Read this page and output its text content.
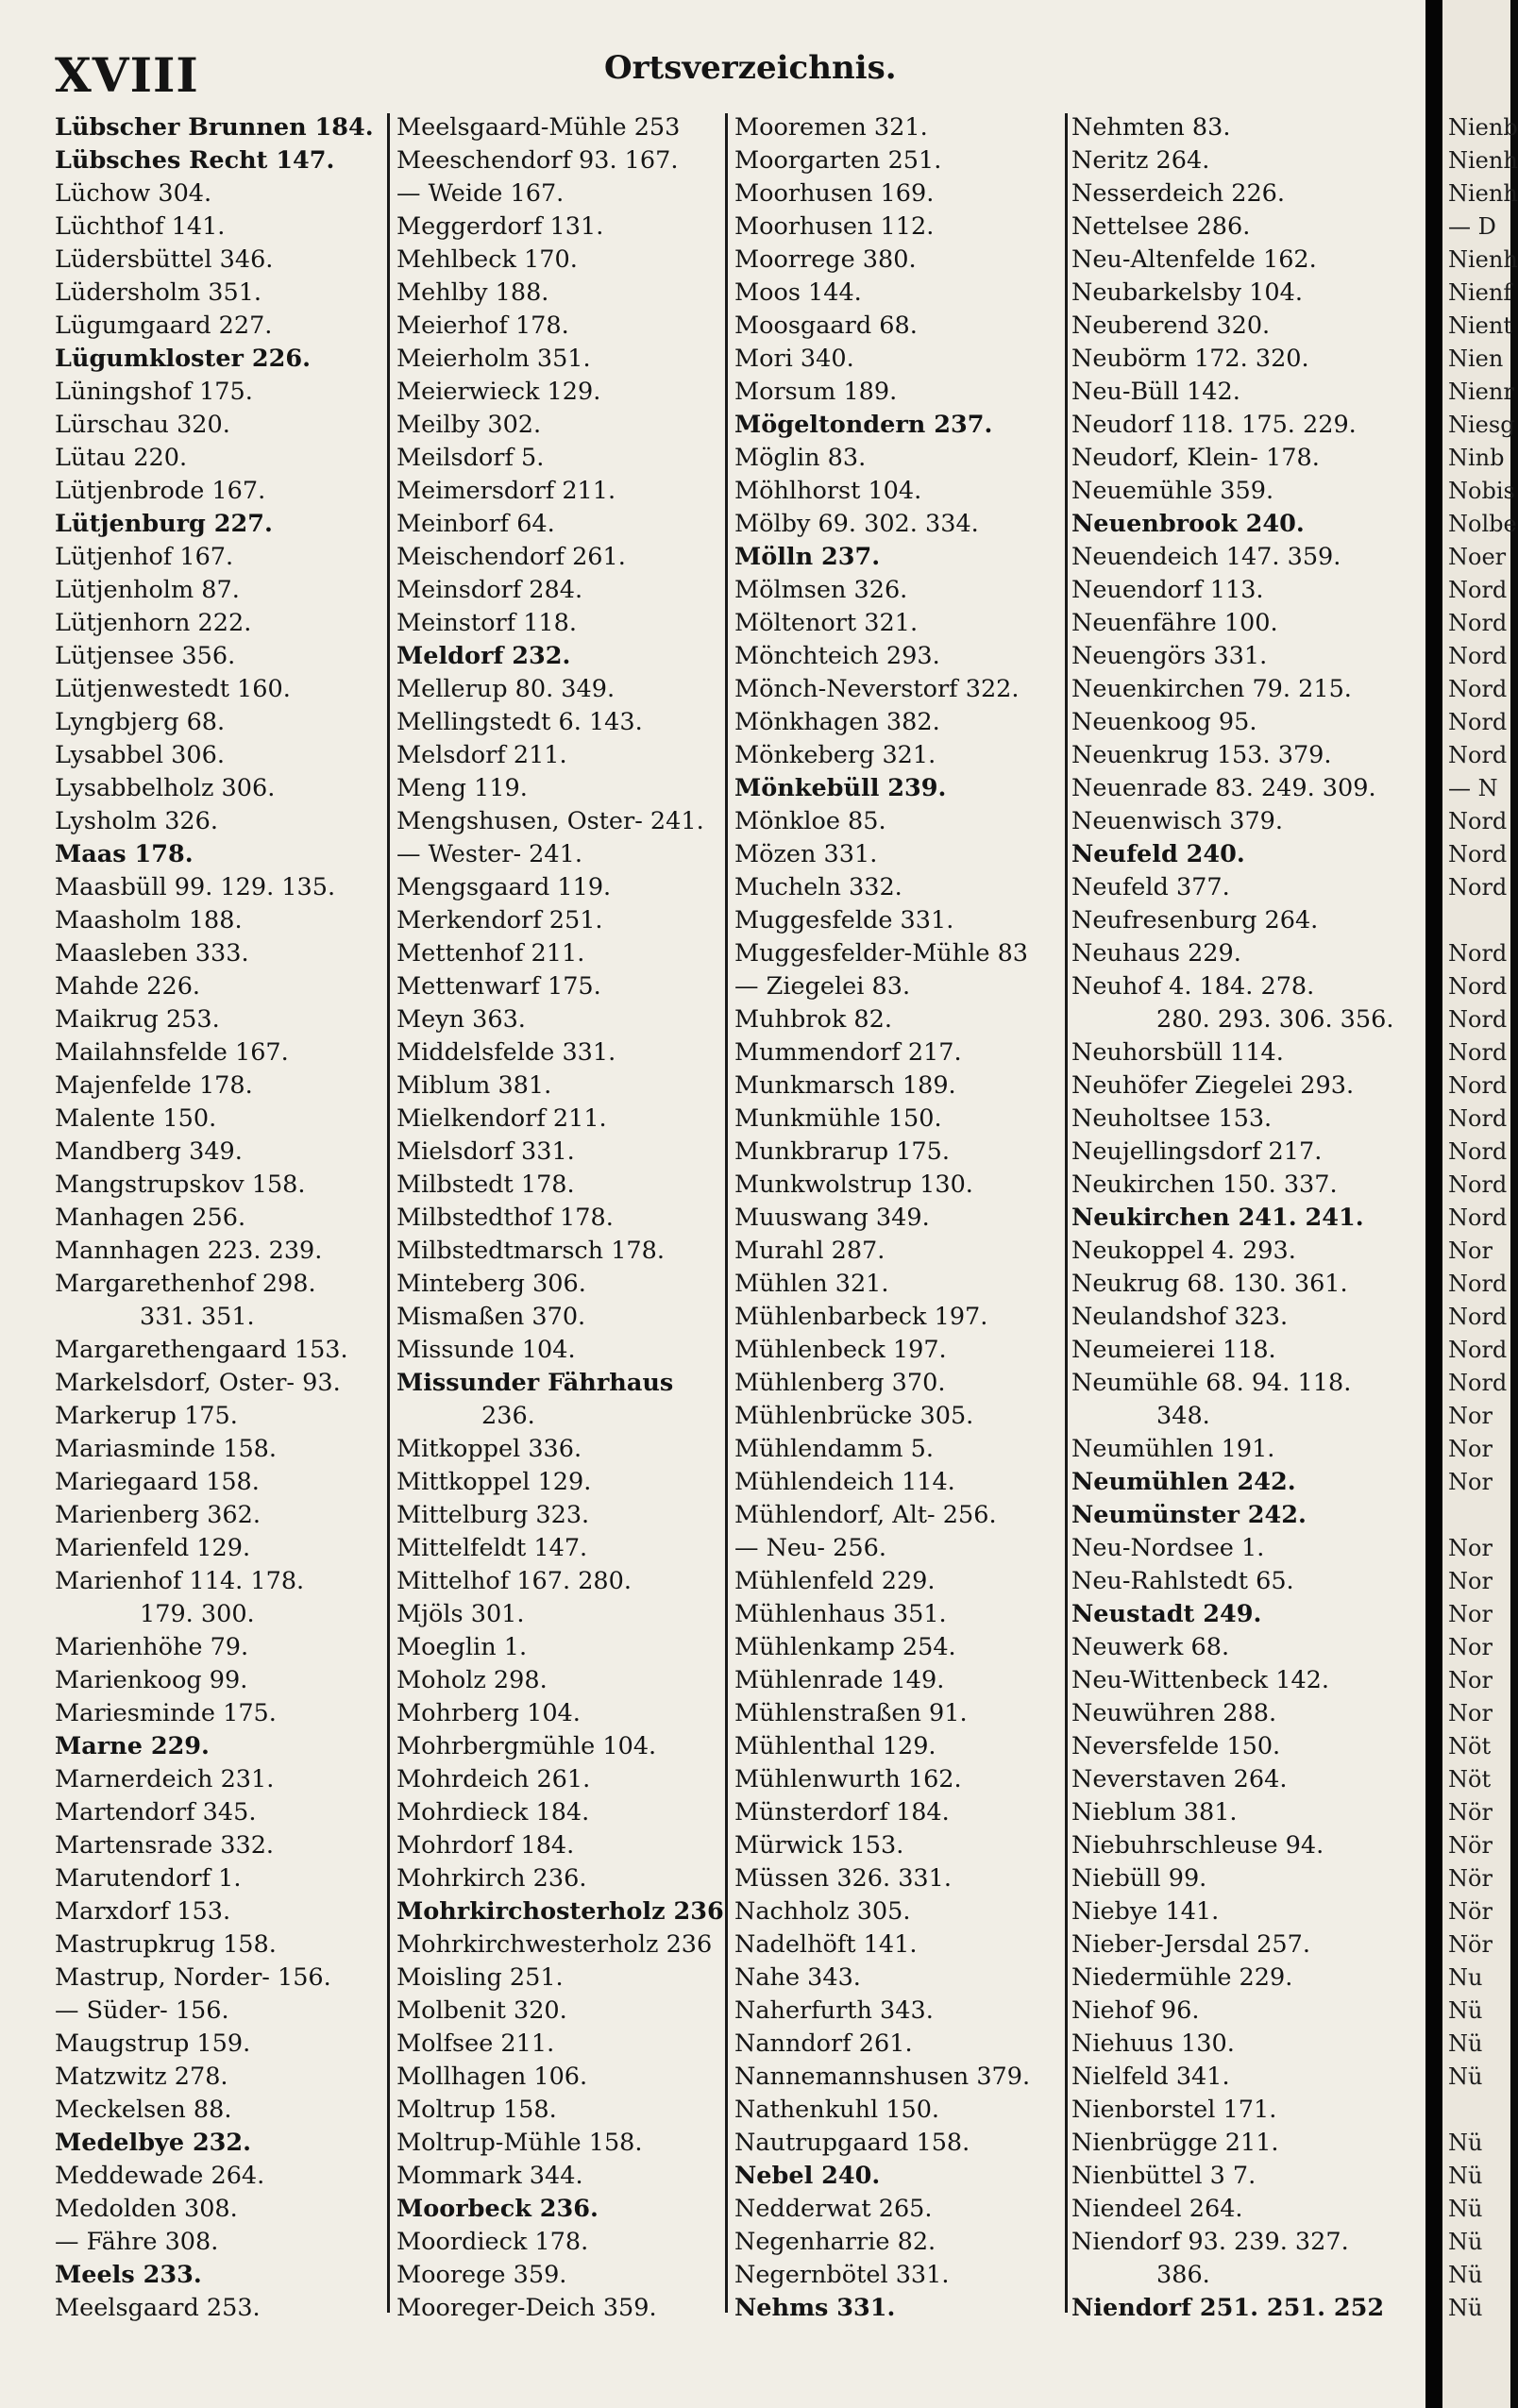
XVIII	Ortsverzeichnis.
Lübscher Brunnen 184.
Lübsches Recht 147.
Lüchow 304.
Lüchthof 141.
Lüdersbüttel 346.
Lüdersholm 351.
Lügumgaard 227.
Lügumkloster 226.
Lüningshof 175.
Lürschau 320.
Lütau 220.
Lütjenbrode 167.
Lütjenburg 227.
Lütjenhof 167.
Lütjenholm 87.
Lütjenhorn 222.
Lütjensee 356.
Lütjenwestedt 160.
Lyngbjerg 68.
Lysabbel 306.
Lysabbelholz 306.
Lysholm 326.
Maas 178.
Maasbüll 99. 129. 135.
Maasholm 188.
Maasleben 333.
Mahde 226.
Maikrug 253.
Mailahnsfelde 167.
Majenfelde 178.
Malente 150.
Mandberg 349.
Mangstrupskov 158.
Manhagen 256.
Mannhagen 223. 239.
Margarethenhof 298.
331. 351.
Margarethengaard 153.
Markelsdorf, Oster- 93.
Markerup 175.
Mariasminde 158.
Mariegaard 158.
Marienberg 362.
Marienfeld 129.
Marienhof 114. 178.
179. 300.
Marienhöhe 79.
Marienkoog 99.
Mariesminde 175.
Marne 229.
Marnerdeich 231.
Martendorf 345.
Martensrade 332.
Marutendorf 1.
Marxdorf 153.
Mastrupkrug 158.
Mastrup, Norder- 156.
— Süder- 156.
Maugstrup 159.
Matzwitz 278.
Meckelsen 88.
Medelbye 232.
Meddewade 264.
Medolden 308.
— Fähre 308.
Meels 233.
Meelsgaard 253.
Meelsgaard-Mühle 253
Meeschendorf 93. 167.
— Weide 167.
Meggerdorf 131.
Mehlbeck 170.
Mehlby 188.
Meierhof 178.
Meierholm 351.
Meierwieck 129.
Meilby 302.
Meilsdorf 5.
Meimersdorf 211.
Meinborf 64.
Meischendorf 261.
Meinsdorf 284.
Meinstorf 118.
Meldorf 232.
Mellerup 80. 349.
Mellingstedt 6. 143.
Melsdorf 211.
Meng 119.
Mengshusen, Oster- 241.
— Wester- 241.
Mengsgaard 119.
Merkendorf 251.
Mettenhof 211.
Mettenwarf 175.
Meyn 363.
Middelsfelde 331.
Miblum 381.
Mielkendorf 211.
Mielsdorf 331.
Milbstedt 178.
Milbstedthof 178.
Milbstedtmarsch 178.
Minteberg 306.
Mismaßen 370.
Missunde 104.
Missunder Fährhaus
236.
Mitkoppel 336.
Mittkoppel 129.
Mittelburg 323.
Mittelfeldt 147.
Mittelhof 167. 280.
Mjöls 301.
Moeglin 1.
Moholz 298.
Mohrberg 104.
Mohrbergmühle 104.
Mohrdeich 261.
Mohrdieck 184.
Mohrdorf 184.
Mohrkirch 236.
Mohrkirchosterholz 236
Mohrkirchwesterholz 236
Moisling 251.
Molbenit 320.
Molfsee 211.
Mollhagen 106.
Moltrup 158.
Moltrup-Mühle 158.
Mommark 344.
Moorbeck 236.
Moordieck 178.
Moorege 359.
Mooreger-Deich 359.
Mooremen 321.
Moorgarten 251.
Moorhusen 169.
Moorhusen 112.
Moorrege 380.
Moos 144.
Moosgaard 68.
Mori 340.
Morsum 189.
Mögeltondern 237.
Möglin 83.
Möhlhorst 104.
Mölby 69. 302. 334.
Mölln 237.
Mölmsen 326.
Möltenort 321.
Mönchteich 293.
Mönch-Neverstorf 322.
Mönkhagen 382.
Mönkeberg 321.
Mönkebüll 239.
Mönkloe 85.
Mözen 331.
Mucheln 332.
Muggesfelde 331.
Muggesfelder-Mühle 83
— Ziegelei 83.
Muhbrok 82.
Mummendorf 217.
Munkmarsch 189.
Munkmühle 150.
Munkbrarup 175.
Munkwolstrup 130.
Muuswang 349.
Murahl 287.
Mühlen 321.
Mühlenbarbeck 197.
Mühlenbeck 197.
Mühlenberg 370.
Mühlenbrücke 305.
Mühlendamm 5.
Mühlendeich 114.
Mühlendorf, Alt- 256.
— Neu- 256.
Mühlenfeld 229.
Mühlenhaus 351.
Mühlenkamp 254.
Mühlenrade 149.
Mühlenstraßen 91.
Mühlenthal 129.
Mühlenwurth 162.
Münsterdorf 184.
Mürwick 153.
Müssen 326. 331.
Nachholz 305.
Nadelhöft 141.
Nahe 343.
Naherfurth 343.
Nanndorf 261.
Nannemannshusen 379.
Nathenkuhl 150.
Nautrupgaard 158.
Nebel 240.
Nedderwat 265.
Negenharrie 82.
Negernbötel 331.
Nehms 331.
Nehmten 83.
Neritz 264.
Nesserdeich 226.
Nettelsee 286.
Neu-Altenfelde 162.
Neubarkelsby 104.
Neuberend 320.
Neubörm 172. 320.
Neu-Büll 142.
Neudorf 118. 175. 229.
Neudorf, Klein- 178.
Neuemühle 359.
Neuenbrook 240.
Neuendeich 147. 359.
Neuendorf 113.
Neuenfähre 100.
Neuengörs 331.
Neuenkirchen 79. 215.
Neuenkoog 95.
Neuenkrug 153. 379.
Neuenrade 83. 249. 309.
Neuenwisch 379.
Neufeld 240.
Neufeld 377.
Neufresenburg 264.
Neuhaus 229.
Neuhof 4. 184. 278.
280. 293. 306. 356.
Neuhorsbüll 114.
Neuhöfer Ziegelei 293.
Neuholtsee 153.
Neujellingsdorf 217.
Neukirchen 150. 337.
Neukirchen 241. 241.
Neukoppel 4. 293.
Neukrug 68. 130. 361.
Neulandshof 323.
Neumeierei 118.
Neumühle 68. 94. 118.
348.
Neumühlen 191.
Neumühlen 242.
Neumünster 242.
Neu-Nordsee 1.
Neu-Rahlstedt 65.
Neustadt 249.
Neuwerk 68.
Neu-Wittenbeck 142.
Neuwühren 288.
Neversfelde 150.
Neverstaven 264.
Nieblum 381.
Niebuhrschleuse 94.
Niebüll 99.
Niebye 141.
Nieber-Jersdal 257.
Niedermühle 229.
Niehof 96.
Niehuus 130.
Nielfeld 341.
Nienborstel 171.
Nienbrügge 211.
Nienbüttel 3 7.
Niendeel 264.
Niendorf 93. 239. 327.
386.
Niendorf 251. 251. 252
Nienb
Nienh
Nienh
— D
Nienh
Nienf
Nient
Nien
Nienr
Niesg
Ninb
Nobis
Nolbe
Noer
Nord
Nord
Nord
Nord
Nord
Nord
— N
Nord
Nord
Nord
Nord
Nord
Nord
Nord
Nord
Nord
Nord
Nord
Nord
Nor
Nord
Nord
Nord
Nord
Nor
Nor
Nor
Nor
Nor
Nor
Nor
Nor
Nor
Nöt
Nöt
Nör
Nör
Nör
Nör
Nör
Nu
Nü
Nü
Nü
Nü
Nü
Nü
Nü
Nü
Nü
